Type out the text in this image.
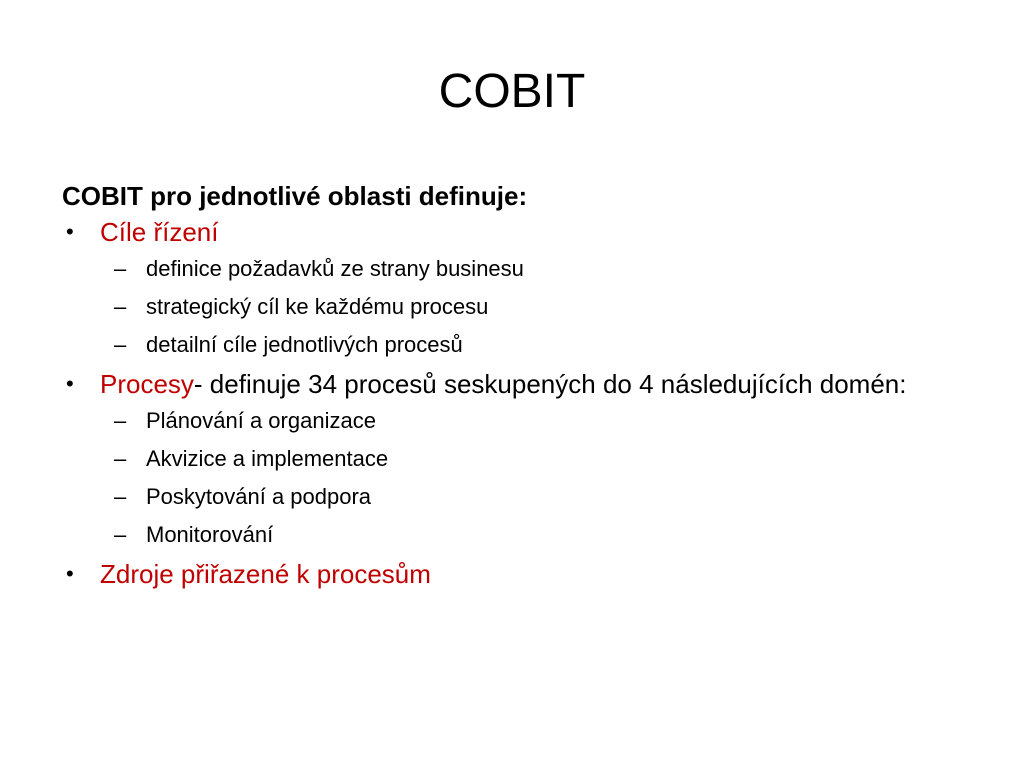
COBIT

COBIT pro jednotlivé oblasti definuje:

• Cíle řízení
– definice požadavků ze strany businesu
– strategický cíl ke každému procesu
– detailní cíle jednotlivých procesů
• Procesy- definuje 34 procesů seskupených do 4 následujících domén:
– Plánování a organizace
– Akvizice a implementace
– Poskytování a podpora
– Monitorování
• Zdroje přiřazené k procesům
